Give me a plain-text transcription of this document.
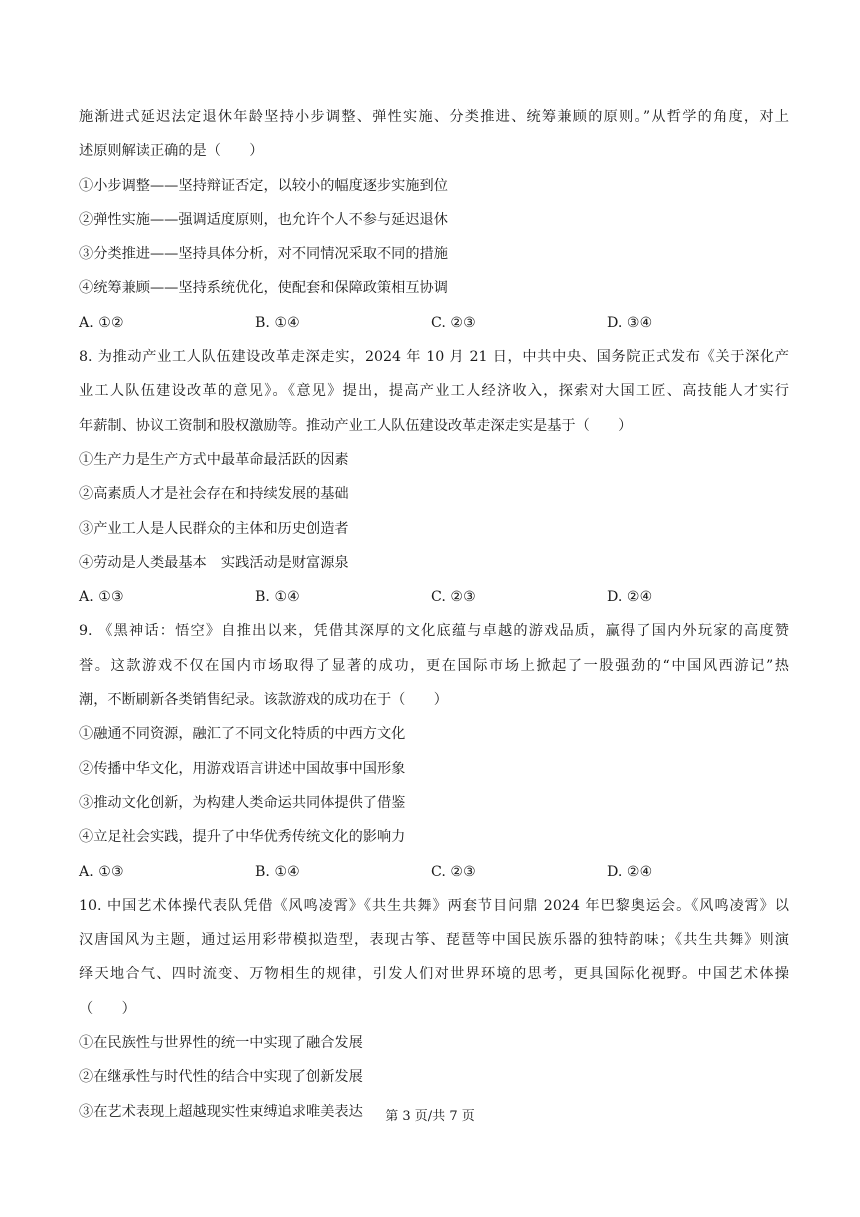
施渐进式延迟法定退休年龄坚持小步调整、弹性实施、分类推进、统筹兼顾的原则。”从哲学的角度，对上
述原则解读正确的是（　　）
①小步调整——坚持辩证否定，以较小的幅度逐步实施到位
②弹性实施——强调适度原则，也允许个人不参与延迟退休
③分类推进——坚持具体分析，对不同情况采取不同的措施
④统筹兼顾——坚持系统优化，使配套和保障政策相互协调
A. ①②	B. ①④	C. ②③	D. ③④
8. 为推动产业工人队伍建设改革走深走实，2024 年 10 月 21 日，中共中央、国务院正式发布《关于深化产
业工人队伍建设改革的意见》。《意见》提出，提高产业工人经济收入，探索对大国工匠、高技能人才实行
年薪制、协议工资制和股权激励等。推动产业工人队伍建设改革走深走实是基于（　　）
①生产力是生产方式中最革命最活跃的因素
②高素质人才是社会存在和持续发展的基础
③产业工人是人民群众的主体和历史创造者
④劳动是人类最基本　实践活动是财富源泉
A. ①③	B. ①④	C. ②③	D. ②④
9. 《黑神话：悟空》自推出以来，凭借其深厚的文化底蕴与卓越的游戏品质，赢得了国内外玩家的高度赞
誉。这款游戏不仅在国内市场取得了显著的成功，更在国际市场上掀起了一股强劲的“中国风西游记”热
潮，不断刷新各类销售纪录。该款游戏的成功在于（　　）
①融通不同资源，融汇了不同文化特质的中西方文化
②传播中华文化，用游戏语言讲述中国故事中国形象
③推动文化创新，为构建人类命运共同体提供了借鉴
④立足社会实践，提升了中华优秀传统文化的影响力
A. ①③	B. ①④	C. ②③	D. ②④
10. 中国艺术体操代表队凭借《风鸣凌霄》《共生共舞》两套节目问鼎 2024 年巴黎奥运会。《风鸣凌霄》以
汉唐国风为主题，通过运用彩带模拟造型，表现古筝、琵琶等中国民族乐器的独特韵味；《共生共舞》则演
绎天地合气、四时流变、万物相生的规律，引发人们对世界环境的思考，更具国际化视野。中国艺术体操
（　　）
①在民族性与世界性的统一中实现了融合发展
②在继承性与时代性的结合中实现了创新发展
③在艺术表现上超越现实性束缚追求唯美表达	第 3 页/共 7 页
